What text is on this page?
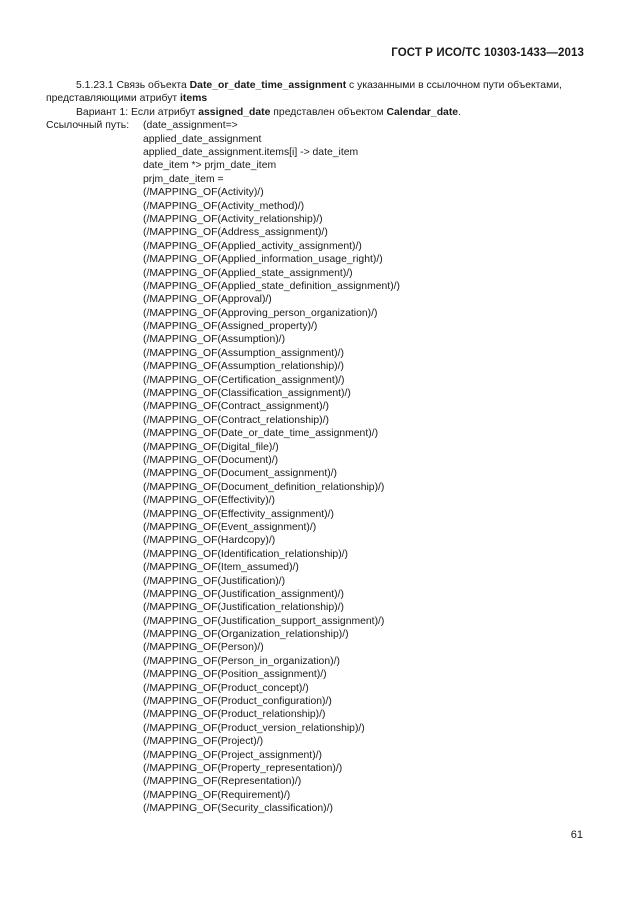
ГОСТ Р ИСО/ТС 10303-1433—2013
5.1.23.1 Связь объекта Date_or_date_time_assignment с указанными в ссылочном пути объектами, представляющими атрибут items
Вариант 1: Если атрибут assigned_date представлен объектом Calendar_date.
Ссылочный путь:	(date_assignment=>
applied_date_assignment
applied_date_assignment.items[i] -> date_item
date_item *> prjm_date_item
prjm_date_item =
(/MAPPING_OF(Activity)/)
(/MAPPING_OF(Activity_method)/)
(/MAPPING_OF(Activity_relationship)/)
(/MAPPING_OF(Address_assignment)/)
(/MAPPING_OF(Applied_activity_assignment)/)
(/MAPPING_OF(Applied_information_usage_right)/)
(/MAPPING_OF(Applied_state_assignment)/)
(/MAPPING_OF(Applied_state_definition_assignment)/)
(/MAPPING_OF(Approval)/)
(/MAPPING_OF(Approving_person_organization)/)
(/MAPPING_OF(Assigned_property)/)
(/MAPPING_OF(Assumption)/)
(/MAPPING_OF(Assumption_assignment)/)
(/MAPPING_OF(Assumption_relationship)/)
(/MAPPING_OF(Certification_assignment)/)
(/MAPPING_OF(Classification_assignment)/)
(/MAPPING_OF(Contract_assignment)/)
(/MAPPING_OF(Contract_relationship)/)
(/MAPPING_OF(Date_or_date_time_assignment)/)
(/MAPPING_OF(Digital_file)/)
(/MAPPING_OF(Document)/)
(/MAPPING_OF(Document_assignment)/)
(/MAPPING_OF(Document_definition_relationship)/)
(/MAPPING_OF(Effectivity)/)
(/MAPPING_OF(Effectivity_assignment)/)
(/MAPPING_OF(Event_assignment)/)
(/MAPPING_OF(Hardcopy)/)
(/MAPPING_OF(Identification_relationship)/)
(/MAPPING_OF(Item_assumed)/)
(/MAPPING_OF(Justification)/)
(/MAPPING_OF(Justification_assignment)/)
(/MAPPING_OF(Justification_relationship)/)
(/MAPPING_OF(Justification_support_assignment)/)
(/MAPPING_OF(Organization_relationship)/)
(/MAPPING_OF(Person)/)
(/MAPPING_OF(Person_in_organization)/)
(/MAPPING_OF(Position_assignment)/)
(/MAPPING_OF(Product_concept)/)
(/MAPPING_OF(Product_configuration)/)
(/MAPPING_OF(Product_relationship)/)
(/MAPPING_OF(Product_version_relationship)/)
(/MAPPING_OF(Project)/)
(/MAPPING_OF(Project_assignment)/)
(/MAPPING_OF(Property_representation)/)
(/MAPPING_OF(Representation)/)
(/MAPPING_OF(Requirement)/)
(/MAPPING_OF(Security_classification)/)
61
